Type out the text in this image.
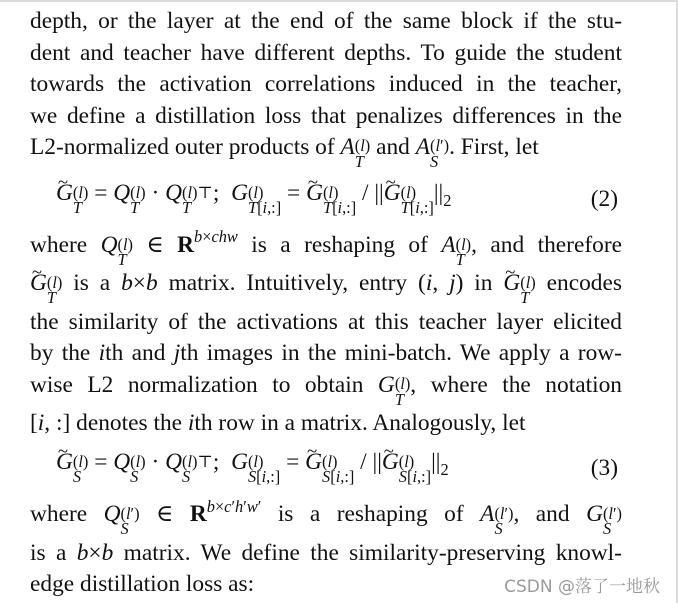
depth, or the layer at the end of the same block if the stu-
dent and teacher have different depths. To guide the student
towards the activation correlations induced in the teacher,
we define a distillation loss that penalizes differences in the
L2-normalized outer products of A (l)
T
and A (l′)
S
. First, let

~ G (l)
T
= Q (l)
T
· Q (l)⊤
T
;  G (l)
T[i,:]
= ~ G (l)
T[i,:]
/ ||~ G (l)
T[i,:]
$||_2$	(2)

where Q (l)
T
∈ $R^{b\times chw}$ is a reshaping of A (l)
T
, and therefore
~ G (l)
T
is a b×b matrix. Intuitively, entry (i, j) in ~ G (l)
T
encodes
the similarity of the activations at this teacher layer elicited
by the ith and jth images in the mini-batch. We apply a row-
wise L2 normalization to obtain G (l)
T
, where the notation
[i, :] denotes the ith row in a matrix. Analogously, let

~ G (l)
S
= Q (l)
S
· Q (l)⊤
S
;  G (l)
S[i,:]
= ~ G (l)
S[i,:]
/ ||~ G (l)
S[i,:]
$||_2$	(3)

where Q (l′)
S
∈ $R^{b\times c'h'w'}$ is a reshaping of A (l′)
S
, and G (l′)
S
is a b×b matrix. We define the similarity-preserving knowl-
edge distillation loss as:	CSDN @落了一地秋
